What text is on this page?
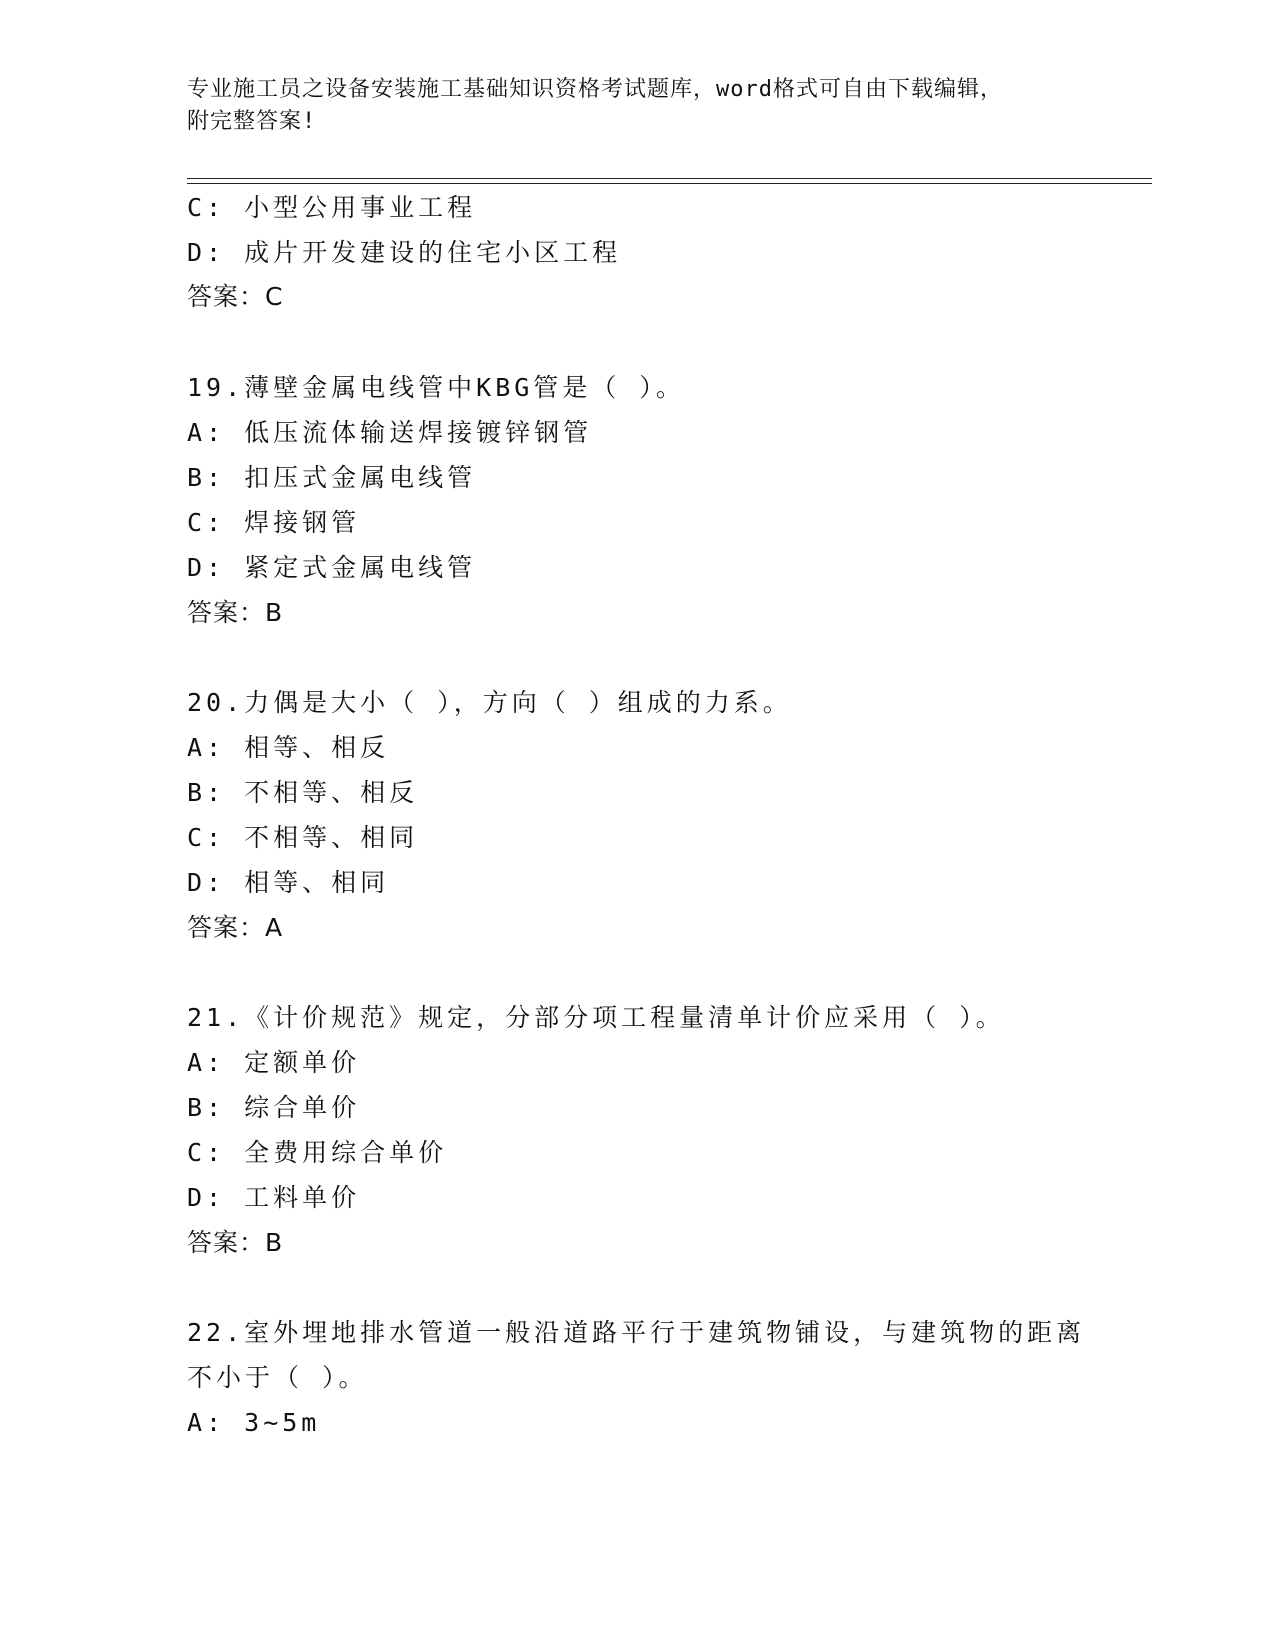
专业施工员之设备安装施工基础知识资格考试题库，word格式可自由下载编辑，
附完整答案!
C: 小型公用事业工程
D: 成片开发建设的住宅小区工程
答案：C
19.薄壁金属电线管中KBG管是（ ）。
A: 低压流体输送焊接镀锌钢管
B: 扣压式金属电线管
C: 焊接钢管
D: 紧定式金属电线管
答案：B
20.力偶是大小（ ），方向（ ）组成的力系。
A: 相等、相反
B: 不相等、相反
C: 不相等、相同
D: 相等、相同
答案：A
21.《计价规范》规定，分部分项工程量清单计价应采用（ ）。
A: 定额单价
B: 综合单价
C: 全费用综合单价
D: 工料单价
答案：B
22.室外埋地排水管道一般沿道路平行于建筑物铺设，与建筑物的距离
不小于（ ）。
A: 3~5m
